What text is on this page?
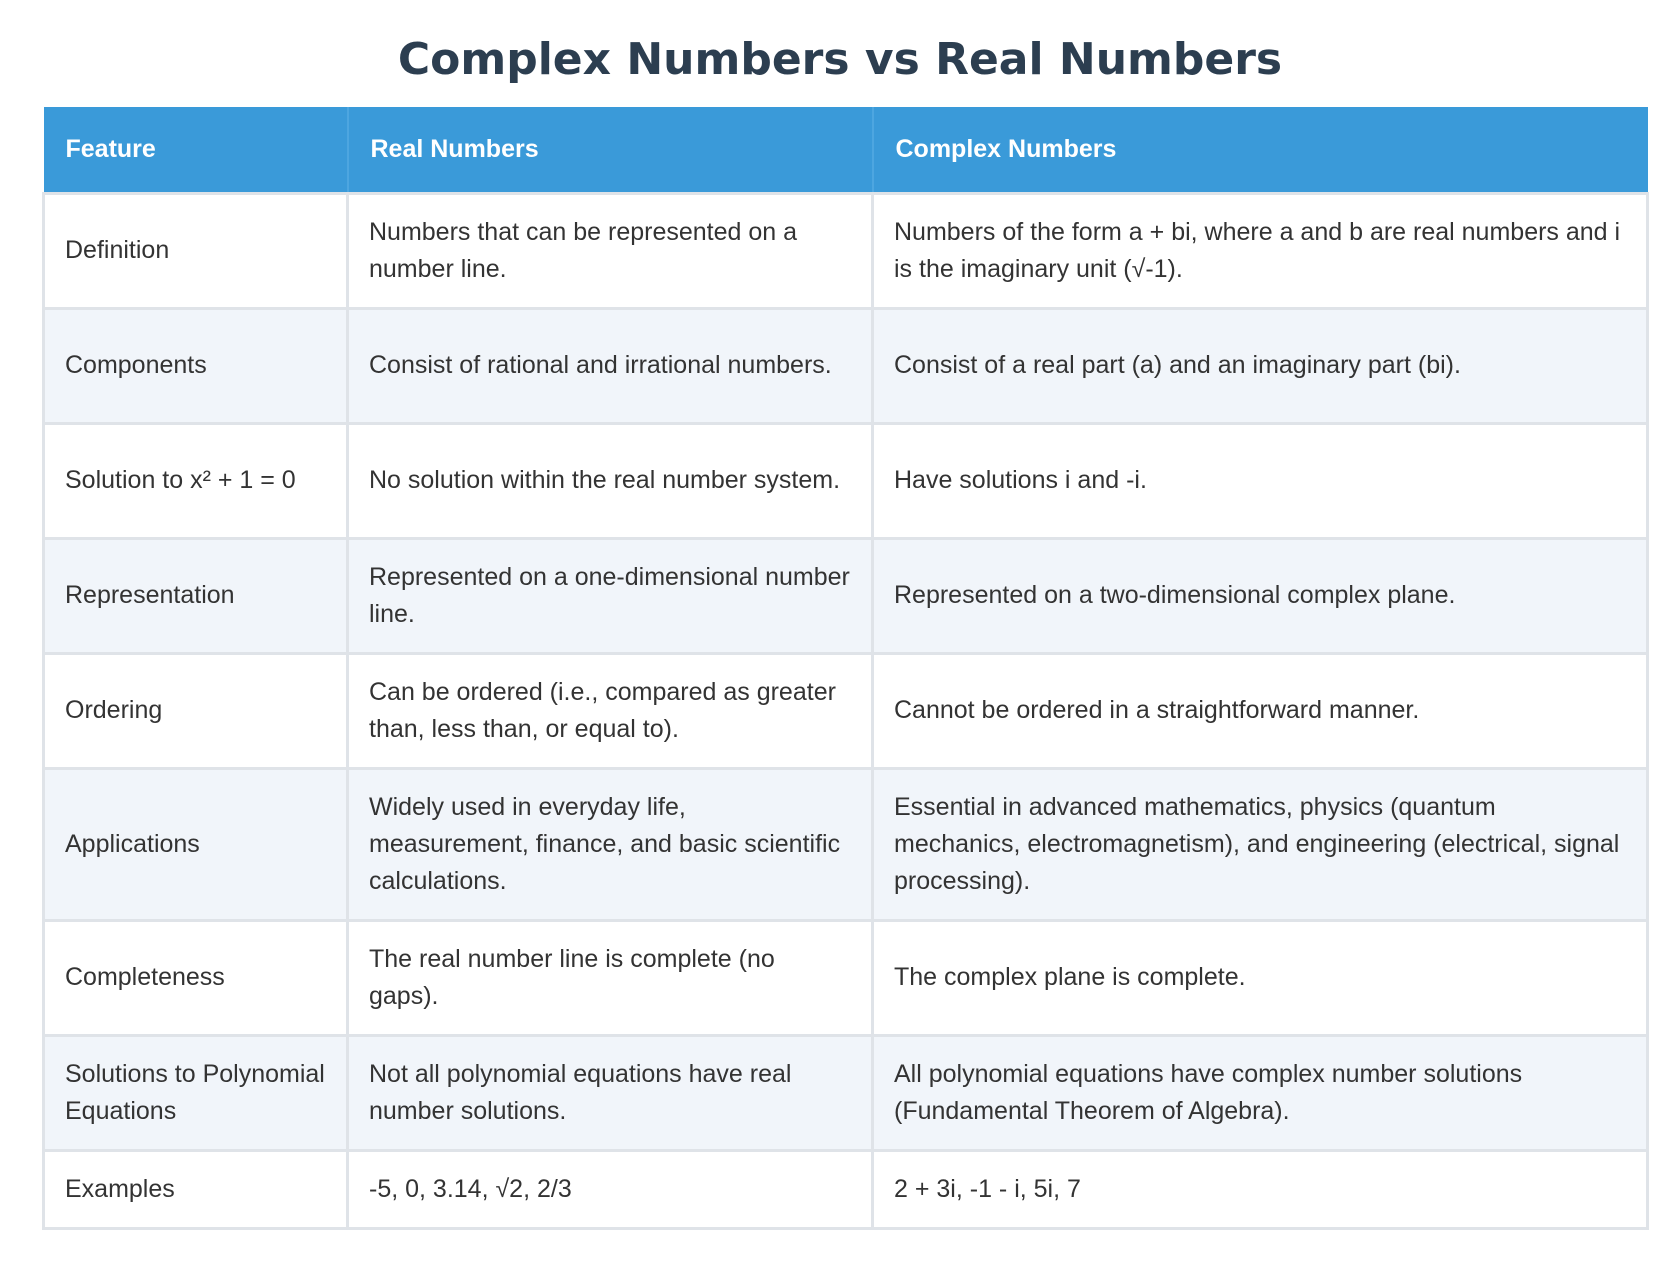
Complex Numbers vs Real Numbers
Feature	Real Numbers	Complex Numbers
Definition	Numbers that can be represented on a number line.	Numbers of the form a + bi, where a and b are real numbers and i is the imaginary unit (√-1).
Components	Consist of rational and irrational numbers.	Consist of a real part (a) and an imaginary part (bi).
Solution to x² + 1 = 0	No solution within the real number system.	Have solutions i and -i.
Representation	Represented on a one-dimensional number line.	Represented on a two-dimensional complex plane.
Ordering	Can be ordered (i.e., compared as greater than, less than, or equal to).	Cannot be ordered in a straightforward manner.
Applications	Widely used in everyday life, measurement, finance, and basic scientific calculations.	Essential in advanced mathematics, physics (quantum mechanics, electromagnetism), and engineering (electrical, signal processing).
Completeness	The real number line is complete (no gaps).	The complex plane is complete.
Solutions to Polynomial Equations	Not all polynomial equations have real number solutions.	All polynomial equations have complex number solutions (Fundamental Theorem of Algebra).
Examples	-5, 0, 3.14, √2, 2/3	2 + 3i, -1 - i, 5i, 7
